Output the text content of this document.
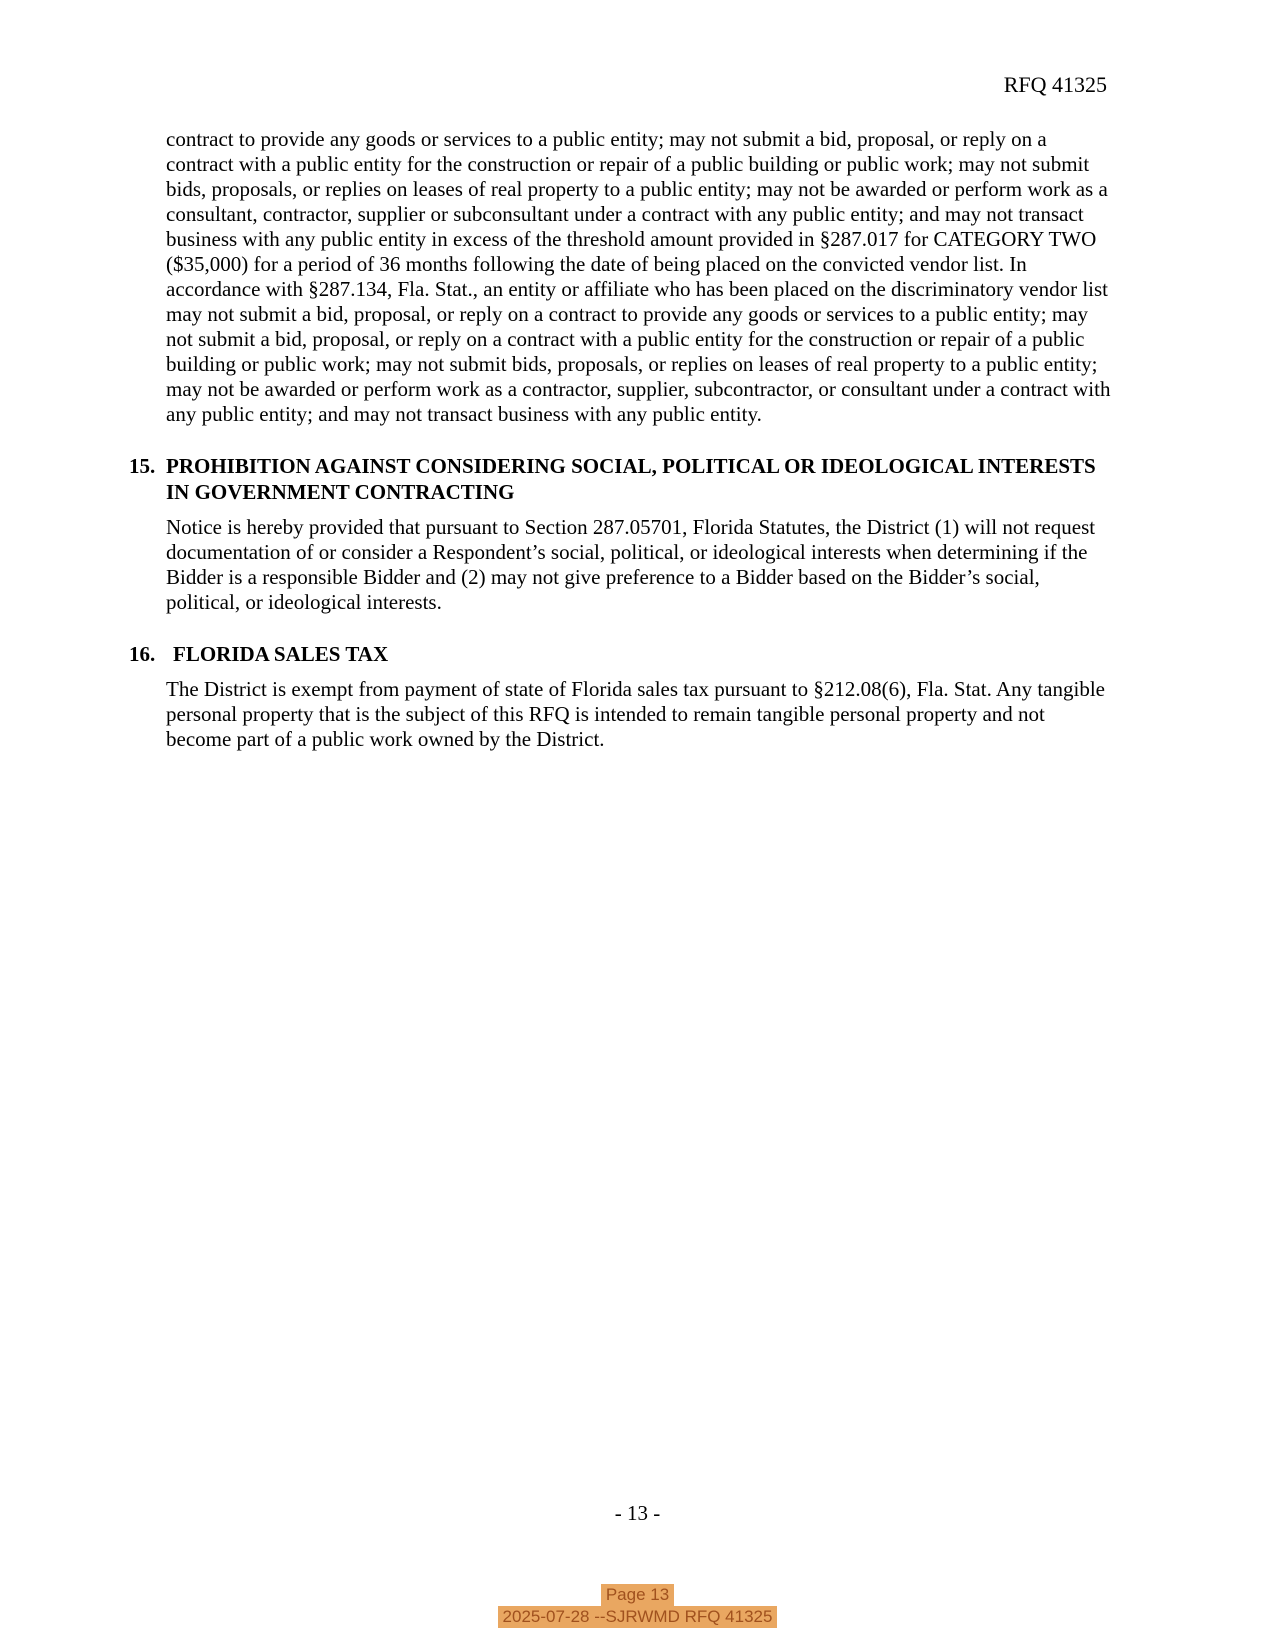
RFQ 41325

contract to provide any goods or services to a public entity; may not submit a bid, proposal, or reply on a contract with a public entity for the construction or repair of a public building or public work; may not submit bids, proposals, or replies on leases of real property to a public entity; may not be awarded or perform work as a consultant, contractor, supplier or subconsultant under a contract with any public entity; and may not transact business with any public entity in excess of the threshold amount provided in §287.017 for CATEGORY TWO ($35,000) for a period of 36 months following the date of being placed on the convicted vendor list. In accordance with §287.134, Fla. Stat., an entity or affiliate who has been placed on the discriminatory vendor list may not submit a bid, proposal, or reply on a contract to provide any goods or services to a public entity; may not submit a bid, proposal, or reply on a contract with a public entity for the construction or repair of a public building or public work; may not submit bids, proposals, or replies on leases of real property to a public entity; may not be awarded or perform work as a contractor, supplier, subcontractor, or consultant under a contract with any public entity; and may not transact business with any public entity.

15. PROHIBITION AGAINST CONSIDERING SOCIAL, POLITICAL OR IDEOLOGICAL INTERESTS IN GOVERNMENT CONTRACTING

Notice is hereby provided that pursuant to Section 287.05701, Florida Statutes, the District (1) will not request documentation of or consider a Respondent’s social, political, or ideological interests when determining if the Bidder is a responsible Bidder and (2) may not give preference to a Bidder based on the Bidder’s social, political, or ideological interests.

16. FLORIDA SALES TAX

The District is exempt from payment of state of Florida sales tax pursuant to §212.08(6), Fla. Stat. Any tangible personal property that is the subject of this RFQ is intended to remain tangible personal property and not become part of a public work owned by the District.

- 13 -
Page 13
2025-07-28 --SJRWMD RFQ 41325
